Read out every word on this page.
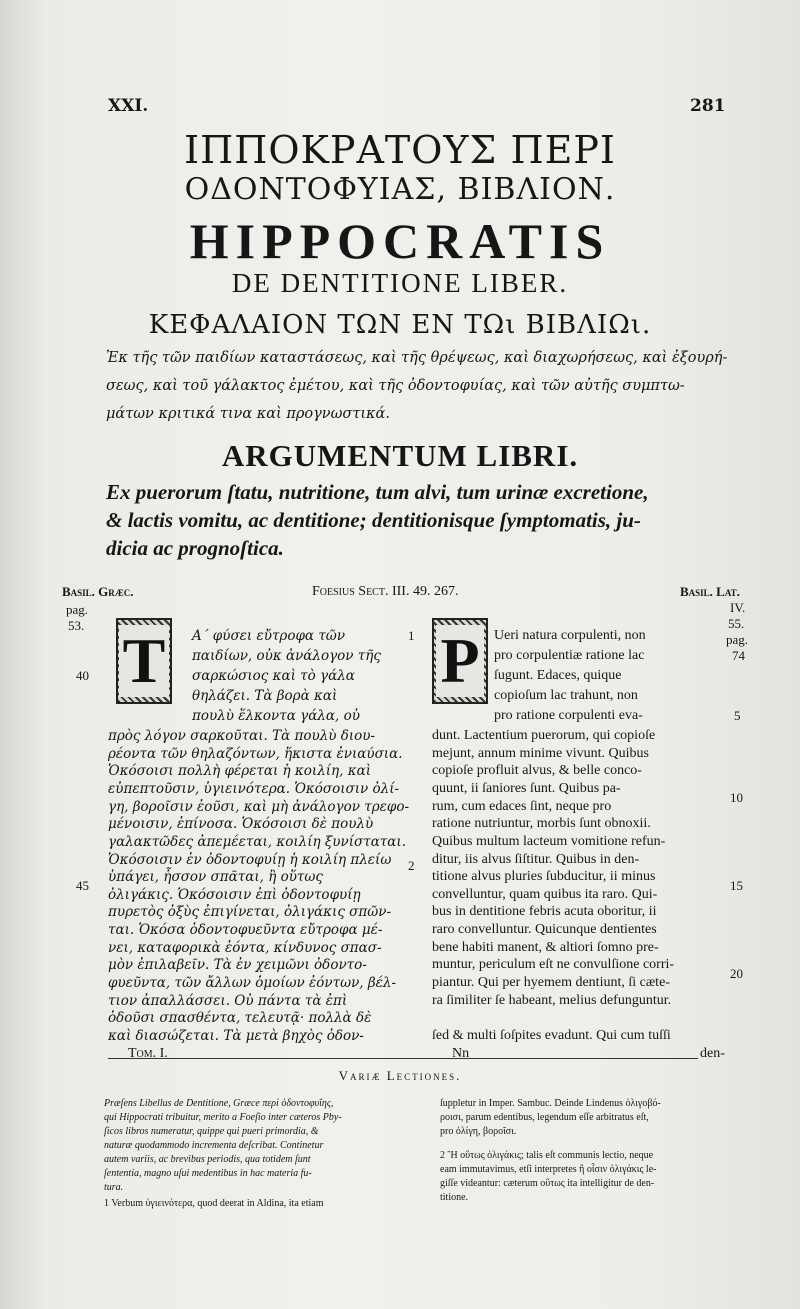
XXI.	281
ΙΠΠΟΚΡΑΤΟΥΣ ΠΕΡΙ
ΟΔΟΝΤΟΦΥΙΑΣ, ΒΙΒΛΙΟΝ.
HIPPOCRATIS
DE DENTITIONE LIBER.
ΚΕΦΑΛΑΙΟΝ ΤΩΝ ΕΝ ΤΩι ΒΙΒΛΙΩι.
Ἐκ τῆς τῶν παιδίων καταστάσεως, καὶ τῆς θρέψεως, καὶ διαχωρήσεως, καὶ ἐξουρή-
σεως, καὶ τοῦ γάλακτος ἐμέτου, καὶ τῆς ὀδοντοφυίας, καὶ τῶν αὐτῆς συμπτω-
μάτων κριτικά τινα καὶ προγνωστικά.
ARGUMENTUM LIBRI.
Ex puerorum ſtatu, nutritione, tum alvi, tum urinæ excretione,
& lactis vomitu, ac dentitione; dentitionisque ſymptomatis, ju-
dicia ac prognoſtica.
Basil. Græc.	Foesius Sect. III. 49. 267.	Basil. Lat.
IV.
55.
pag.
74
pag.
53. T	P
Α΄ φύσει εὔτροφα τῶν
παιδίων, οὐκ ἀνάλογον τῆς
σαρκώσιος καὶ τὸ γάλα
θηλάζει. Τὰ βορὰ καὶ
πουλὺ ἕλκοντα γάλα, οὐ
πρὸς λόγον σαρκοῦται. Τὰ πουλὺ διου-
ρέοντα τῶν θηλαζόντων, ἥκιστα ἐνιαύσια.
Ὁκόσοισι πολλὴ φέρεται ἡ κοιλίη, καὶ
εὐπεπτοῦσιν, ὑγιεινότερα. Ὁκόσοισιν ὀλί-
γη, βοροῖσιν ἐοῦσι, καὶ μὴ ἀνάλογον τρεφο-
μένοισιν, ἐπίνοσα. Ὁκόσοισι δὲ πουλὺ
γαλακτῶδες ἀπεμέεται, κοιλίη ξυνίσταται.
Ὁκόσοισιν ἐν ὀδοντοφυίῃ ἡ κοιλίη πλείω
ὑπάγει, ἧσσον σπᾶται, ἢ οὕτως
ὀλιγάκις. Ὁκόσοισιν ἐπὶ ὀδοντοφυίῃ
πυρετὸς ὀξὺς ἐπιγίνεται, ὀλιγάκις σπῶν-
ται. Ὁκόσα ὀδοντοφυεῦντα εὔτροφα μέ-
νει, καταφορικὰ ἐόντα, κίνδυνος σπασ-
μὸν ἐπιλαβεῖν. Τὰ ἐν χειμῶνι ὀδοντο-
φυεῦντα, τῶν ἄλλων ὁμοίων ἐόντων, βέλ-
τιον ἀπαλλάσσει. Οὐ πάντα τὰ ἐπὶ
ὀδοῦσι σπασθέντα, τελευτᾷ· πολλὰ δὲ
Ueri natura corpulenti, non
pro corpulentiæ ratione lac
ſugunt. Edaces, quique
copioſum lac trahunt, non
pro ratione corpulenti eva-
dunt. Lactentium puerorum, qui copioſe
mejunt, annum minime vivunt. Quibus
copioſe profluit alvus, & belle conco-
quunt, ii ſaniores ſunt. Quibus pa-
rum, cum edaces ſint, neque pro
ratione nutriuntur, morbis ſunt obnoxii.
Quibus multum lacteum vomitione refun-
ditur, iis alvus ſiſtitur. Quibus in den-
titione alvus pluries ſubducitur, ii minus
convelluntur, quam quibus ita raro. Qui-
bus in dentitione febris acuta oboritur, ii
raro convelluntur. Quicunque dentientes
bene habiti manent, & altiori ſomno pre-
muntur, periculum eſt ne convulſione corri-
piantur. Qui per hyemem dentiunt, ſi cæte-
ra ſimiliter ſe habeant, melius defunguntur.
40
45
1
2
5
10
15
20
Tom. I.	Nn	den-
Variæ Lectiones.
Præſens Libellus de Dentitione, Græce περὶ ὀδοντοφυΐης,
qui Hippocrati tribuitur, merito a Foeſio inter cæteros Pby-
ſicos libros numeratur, quippe qui pueri primordia, &
naturæ quodammodo incrementa deſcribat. Continetur
autem variis, ac brevibus periodis, qua totidem ſunt
ſententia, magno uſui medentibus in hac materia fu-
tura.
1 Verbum ὑγιεινότερα, quod deerat in Aldina, ita etiam
ſuppletur in Imper. Sambuc. Deinde Lindenus ὀλιγοβό-
ροισι, parum edentibus, legendum eſſe arbitratus eſt,
pro ὀλίγη, βοροῖσι.
2 Ἢ οὕτως ὀλιγάκις; talis eſt communis lectio, neque
eam immutavimus, etſi interpretes ἢ οἷσιν ὀλιγάκις le-
giſſe videantur: cæterum οὕτως ita intelligitur de den-
titione.
καὶ διασώζεται. Τὰ μετὰ βηχὸς ὀδον-	ſed & multi ſoſpites evadunt. Qui cum tuſſi
